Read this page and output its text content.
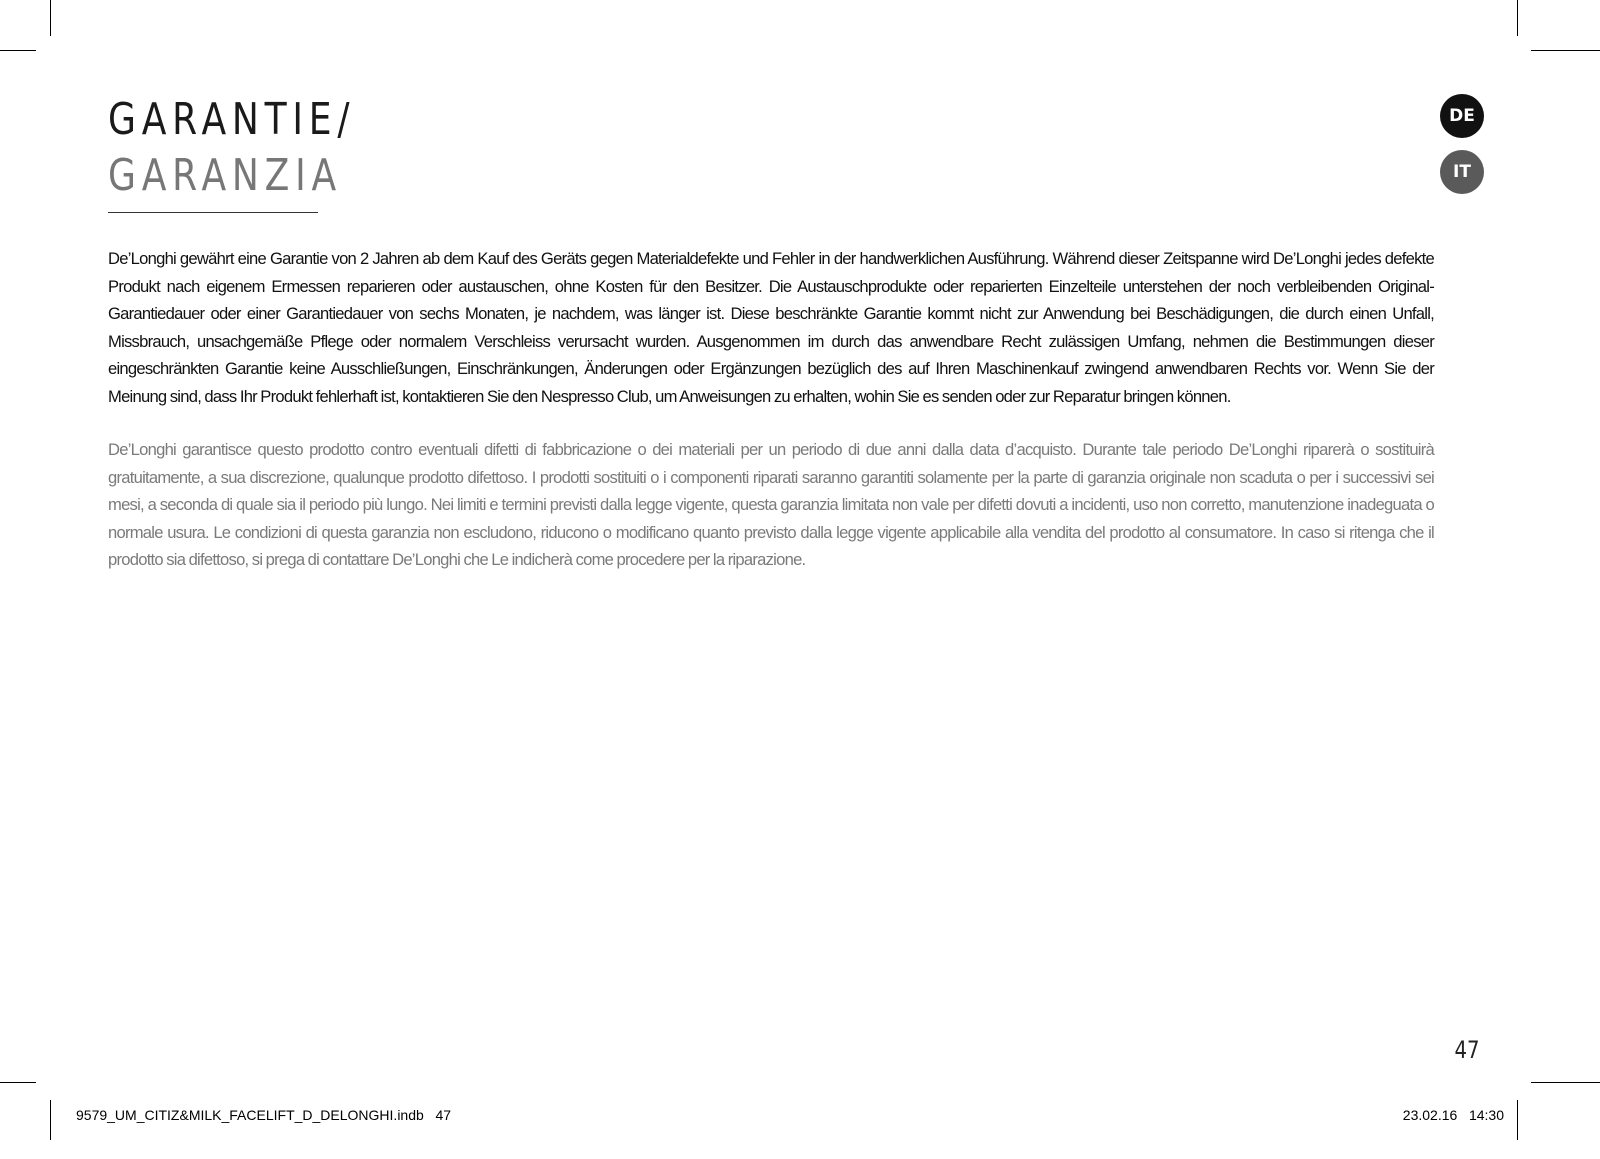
GARANTIE/
GARANZIA
DE
IT

De’Longhi gewährt eine Garantie von 2 Jahren ab dem Kauf des Geräts gegen Materialdefekte und Fehler in der handwerklichen Ausführung. Während dieser Zeitspanne wird De’Longhi jedes defekte Produkt nach eigenem Ermessen reparieren oder austauschen, ohne Kosten für den Besitzer. Die Austauschprodukte oder reparierten Einzelteile unterstehen der noch verbleibenden Original-Garantiedauer oder einer Garantiedauer von sechs Monaten, je nachdem, was länger ist. Diese beschränkte Garantie kommt nicht zur Anwendung bei Beschädigungen, die durch einen Unfall, Missbrauch, unsachgemäße Pflege oder normalem Verschleiss verursacht wurden. Ausgenommen im durch das anwendbare Recht zulässigen Umfang, nehmen die Bestimmungen dieser eingeschränkten Garantie keine Ausschließungen, Einschränkungen, Änderungen oder Ergänzungen bezüglich des auf Ihren Maschinenkauf zwingend anwendbaren Rechts vor. Wenn Sie der Meinung sind, dass Ihr Produkt fehlerhaft ist, kontaktieren Sie den Nespresso Club, um Anweisungen zu erhalten, wohin Sie es senden oder zur Reparatur bringen können.

De’Longhi garantisce questo prodotto contro eventuali difetti di fabbricazione o dei materiali per un periodo di due anni dalla data d’acquisto. Durante tale periodo De’Longhi riparerà o sostituirà gratuitamente, a sua discrezione, qualunque prodotto difettoso. I prodotti sostituiti o i componenti riparati saranno garantiti solamente per la parte di garanzia originale non scaduta o per i successivi sei mesi, a seconda di quale sia il periodo più lungo. Nei limiti e termini previsti dalla legge vigente, questa garanzia limitata non vale per difetti dovuti a incidenti, uso non corretto, manutenzione inadeguata o normale usura. Le condizioni di questa garanzia non escludono, riducono o modificano quanto previsto dalla legge vigente applicabile alla vendita del prodotto al consumatore. In caso si ritenga che il prodotto sia difettoso, si prega di contattare De’Longhi che Le indicherà come procedere per la riparazione.

47
9579_UM_CITIZ&MILK_FACELIFT_D_DELONGHI.indb   47	23.02.16   14:30
